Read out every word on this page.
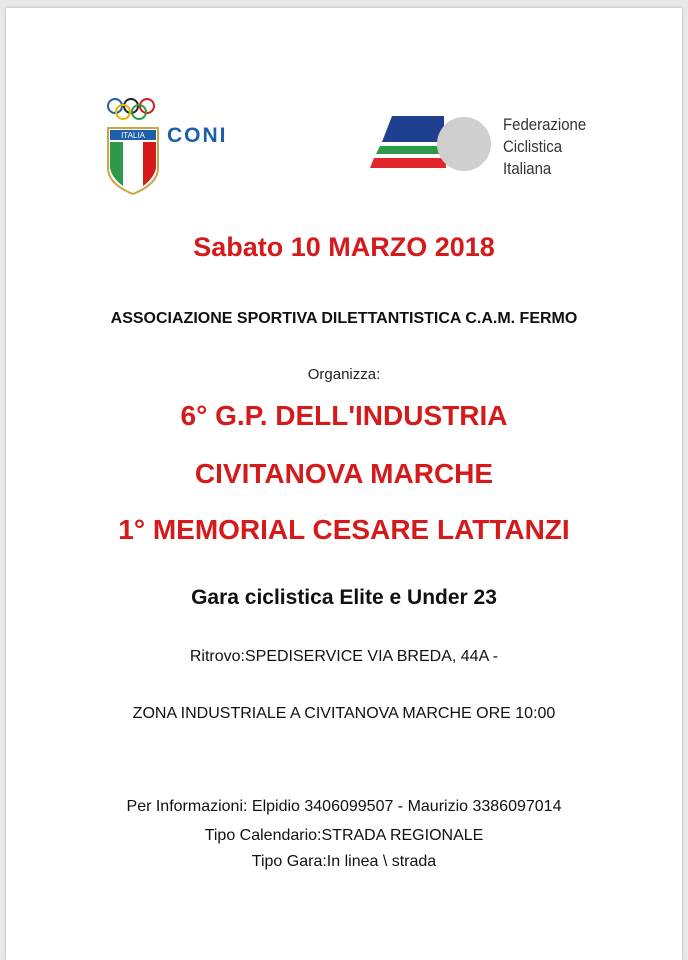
ITALIA CONI	Federazione
Ciclistica
Italiana
Sabato 10 MARZO 2018
ASSOCIAZIONE SPORTIVA DILETTANTISTICA C.A.M. FERMO
Organizza:
6° G.P. DELL'INDUSTRIA
CIVITANOVA MARCHE
1° MEMORIAL CESARE LATTANZI
Gara ciclistica Elite e Under 23
Ritrovo:SPEDISERVICE VIA BREDA, 44A -
ZONA INDUSTRIALE A CIVITANOVA MARCHE ORE 10:00
Per Informazioni: Elpidio 3406099507 - Maurizio 3386097014
Tipo Calendario:STRADA REGIONALE
Tipo Gara:In linea \ strada
